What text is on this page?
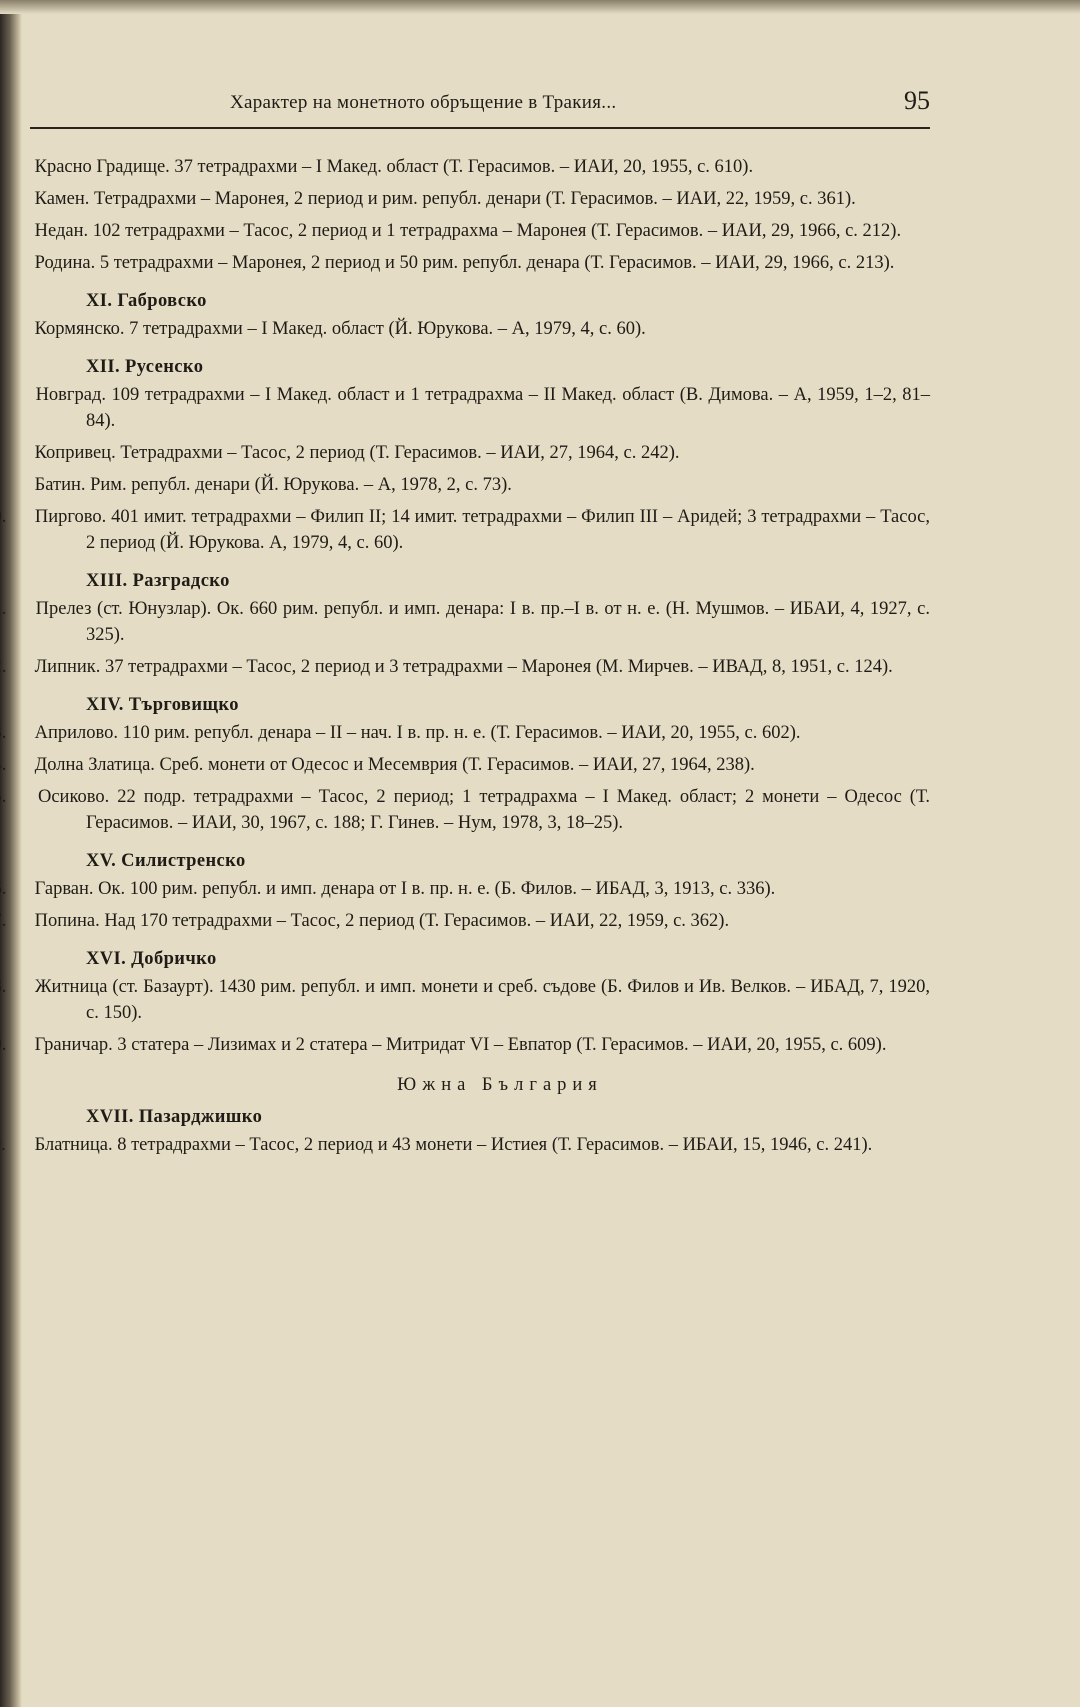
Характер на монетното обръщение в Тракия...	95
Красно Градище. 37 тетрадрахми – I Макед. област (Т. Герасимов. – ИАИ, 20, 1955, с. 610).
Камен. Тетрадрахми – Маронея, 2 период и рим. републ. денари (Т. Герасимов. – ИАИ, 22, 1959, с. 361).
Недан. 102 тетрадрахми – Тасос, 2 период и 1 тетрадрахма – Маронея (Т. Герасимов. – ИАИ, 29, 1966, с. 212).
Родина. 5 тетрадрахми – Маронея, 2 период и 50 рим. републ. денара (Т. Герасимов. – ИАИ, 29, 1966, с. 213).
XI. Габровско
Кормянско. 7 тетрадрахми – I Макед. област (Й. Юрукова. – А, 1979, 4, с. 60).
XII. Русенско
Новград. 109 тетрадрахми – I Макед. област и 1 тетрадрахма – II Макед. област (В. Димова. – А, 1959, 1–2, 81–84).
Копривец. Тетрадрахми – Тасос, 2 период (Т. Герасимов. – ИАИ, 27, 1964, с. 242).
Батин. Рим. републ. денари (Й. Юрукова. – А, 1978, 2, с. 73).
Пиргово. 401 имит. тетрадрахми – Филип II; 14 имит. тетрадрахми – Филип III – Аридей; 3 тетрадрахми – Тасос, 2 период (Й. Юрукова. А, 1979, 4, с. 60).
XIII. Разградско
Прелез (ст. Юнузлар). Ок. 660 рим. републ. и имп. денара: I в. пр.–I в. от н. е. (Н. Мушмов. – ИБАИ, 4, 1927, с. 325).
Липник. 37 тетрадрахми – Тасос, 2 период и 3 тетрадрахми – Маронея (М. Мирчев. – ИВАД, 8, 1951, с. 124).
XIV. Търговищко
Априлово. 110 рим. републ. денара – II – нач. I в. пр. н. е. (Т. Герасимов. – ИАИ, 20, 1955, с. 602).
Долна Златица. Среб. монети от Одесос и Месемврия (Т. Герасимов. – ИАИ, 27, 1964, 238).
Осиково. 22 подр. тетрадрахми – Тасос, 2 период; 1 тетрадрахма – I Макед. област; 2 монети – Одесос (Т. Герасимов. – ИАИ, 30, 1967, с. 188; Г. Гинев. – Нум, 1978, 3, 18–25).
XV. Силистренско
Гарван. Ок. 100 рим. републ. и имп. денара от I в. пр. н. е. (Б. Филов. – ИБАД, 3, 1913, с. 336).
Попина. Над 170 тетрадрахми – Тасос, 2 период (Т. Герасимов. – ИАИ, 22, 1959, с. 362).
XVI. Добричко
Житница (ст. Базаурт). 1430 рим. републ. и имп. монети и среб. съдове (Б. Филов и Ив. Велков. – ИБАД, 7, 1920, с. 150).
Граничар. 3 статера – Лизимах и 2 статера – Митридат VI – Евпатор (Т. Герасимов. – ИАИ, 20, 1955, с. 609).
Южна България
XVII. Пазарджишко
Блатница. 8 тетрадрахми – Тасос, 2 период и 43 монети – Истиея (Т. Герасимов. – ИБАИ, 15, 1946, с. 241).
